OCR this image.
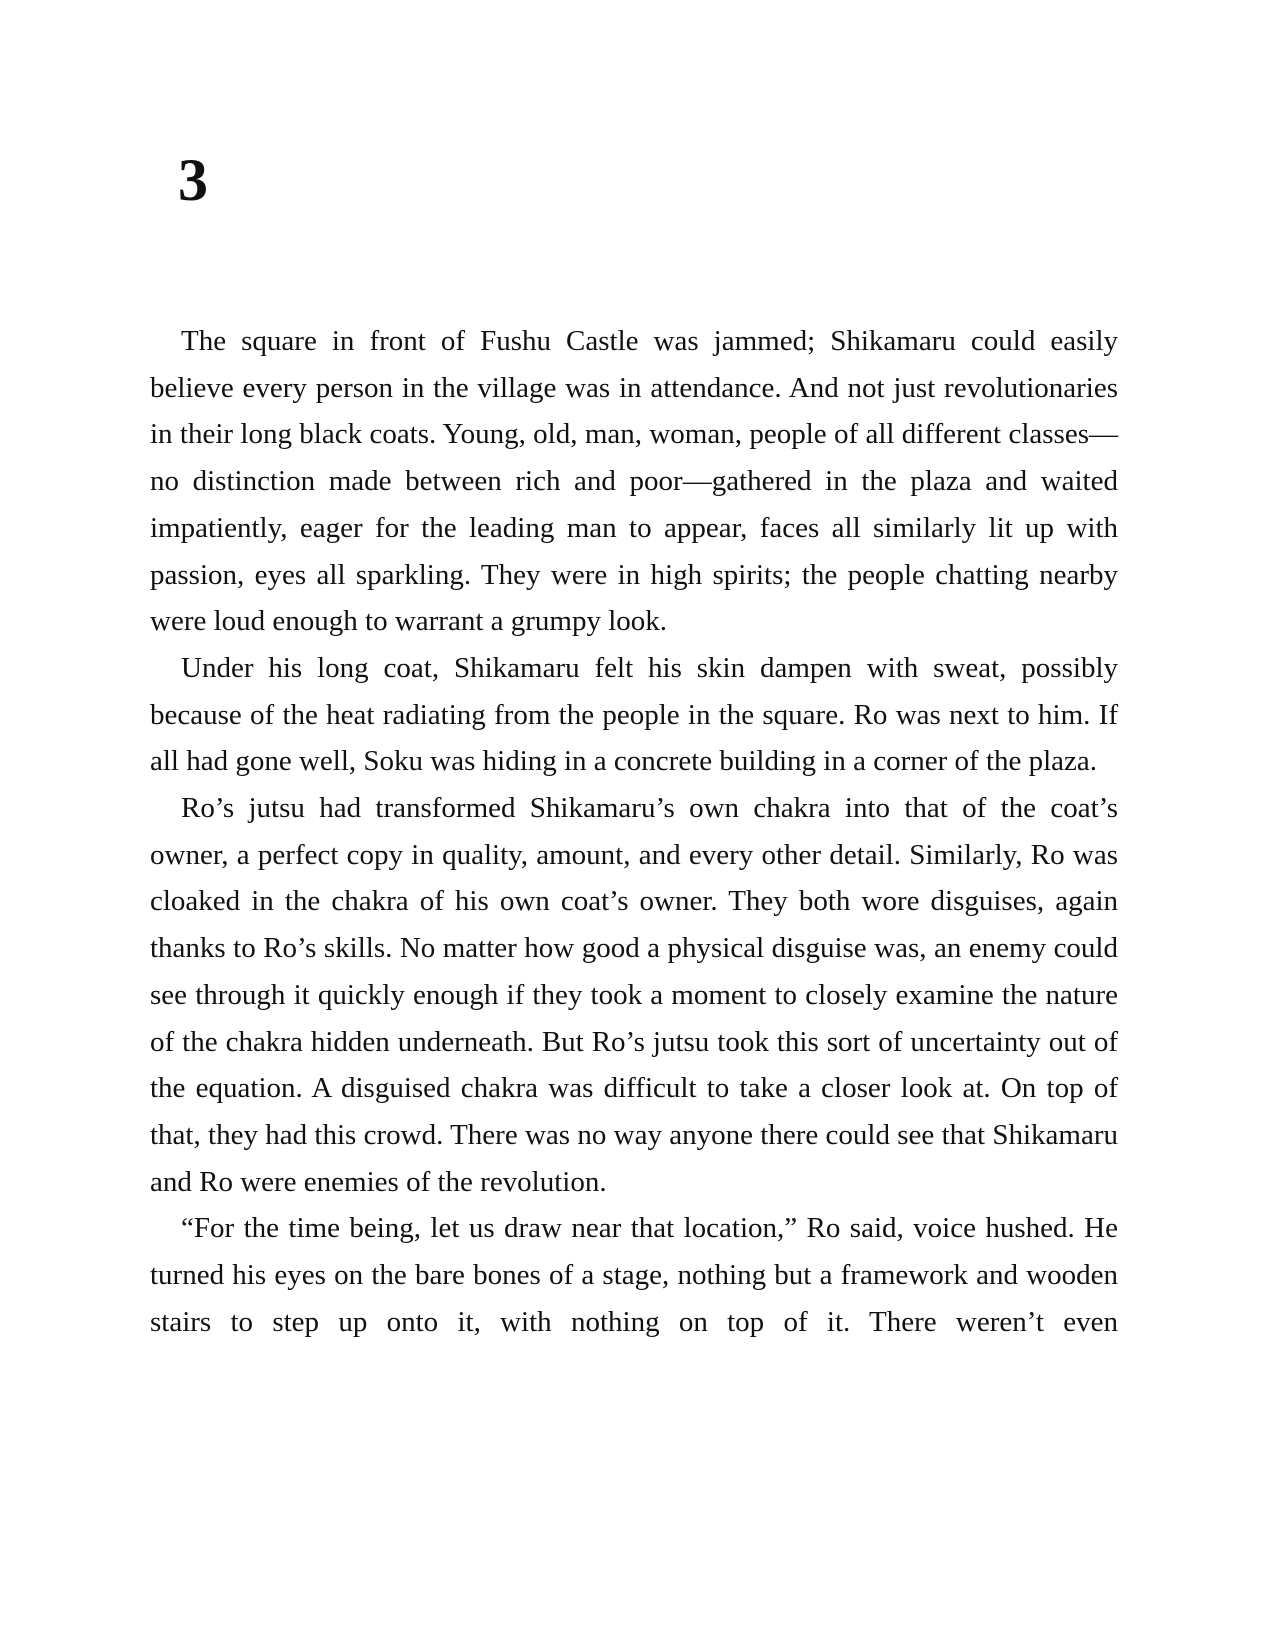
3

The square in front of Fushu Castle was jammed; Shikamaru could easily believe every person in the village was in attendance. And not just revolutionaries in their long black coats. Young, old, man, woman, people of all different classes—no distinction made between rich and poor—gathered in the plaza and waited impatiently, eager for the leading man to appear, faces all similarly lit up with passion, eyes all sparkling. They were in high spirits; the people chatting nearby were loud enough to warrant a grumpy look.

Under his long coat, Shikamaru felt his skin dampen with sweat, possibly because of the heat radiating from the people in the square. Ro was next to him. If all had gone well, Soku was hiding in a concrete building in a corner of the plaza.

Ro’s jutsu had transformed Shikamaru’s own chakra into that of the coat’s owner, a perfect copy in quality, amount, and every other detail. Similarly, Ro was cloaked in the chakra of his own coat’s owner. They both wore disguises, again thanks to Ro’s skills. No matter how good a physical disguise was, an enemy could see through it quickly enough if they took a moment to closely examine the nature of the chakra hidden underneath. But Ro’s jutsu took this sort of uncertainty out of the equation. A disguised chakra was difficult to take a closer look at. On top of that, they had this crowd. There was no way anyone there could see that Shikamaru and Ro were enemies of the revolution.

“For the time being, let us draw near that location,” Ro said, voice hushed. He turned his eyes on the bare bones of a stage, nothing but a framework and wooden stairs to step up onto it, with nothing on top of it. There weren’t even
